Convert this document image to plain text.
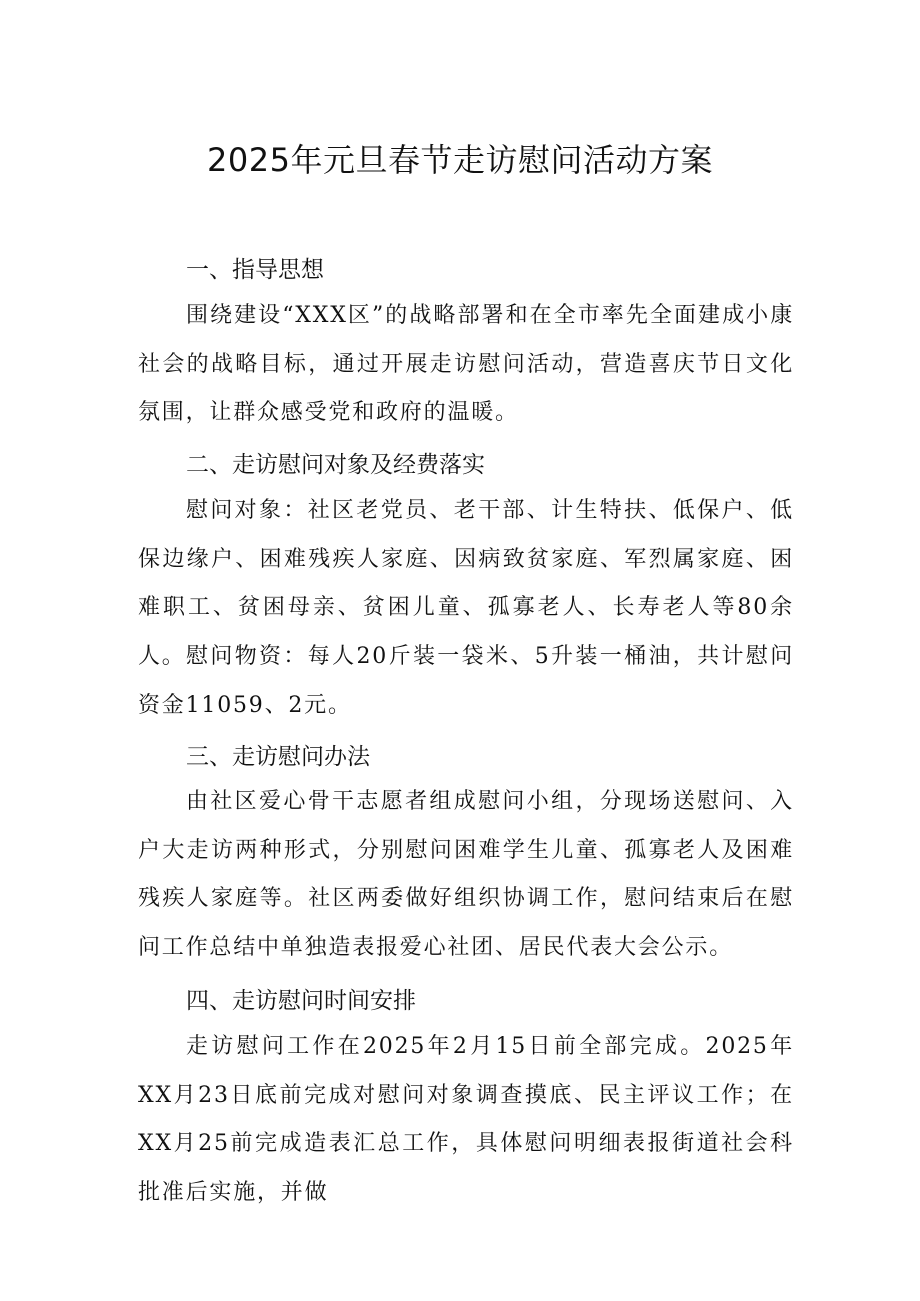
2025年元旦春节走访慰问活动方案
一、指导思想
围绕建设“XXX区”的战略部署和在全市率先全面建成小康社会的战略目标，通过开展走访慰问活动，营造喜庆节日文化氛围，让群众感受党和政府的温暖。
二、走访慰问对象及经费落实
慰问对象：社区老党员、老干部、计生特扶、低保户、低保边缘户、困难残疾人家庭、因病致贫家庭、军烈属家庭、困难职工、贫困母亲、贫困儿童、孤寡老人、长寿老人等80余人。 慰问物资：每人20斤装一袋米、5升装一桶油，共计慰问资金11059、2元。
三、走访慰问办法
由社区爱心骨干志愿者组成慰问小组，分现场送慰问、入户大走访两种形式，分别慰问困难学生儿童、孤寡老人及困难残疾人家庭等。社区两委做好组织协调工作，慰问结束后在慰问工作总结中单独造表报爱心社团、居民代表大会公示。
四、走访慰问时间安排
走访慰问工作在2025年2月15日前全部完成。2025年XX月23日底前完成对慰问对象调查摸底、民主评议工作；在XX月25前完成造表汇总工作，具体慰问明细表报街道社会科批准后实施，并做
